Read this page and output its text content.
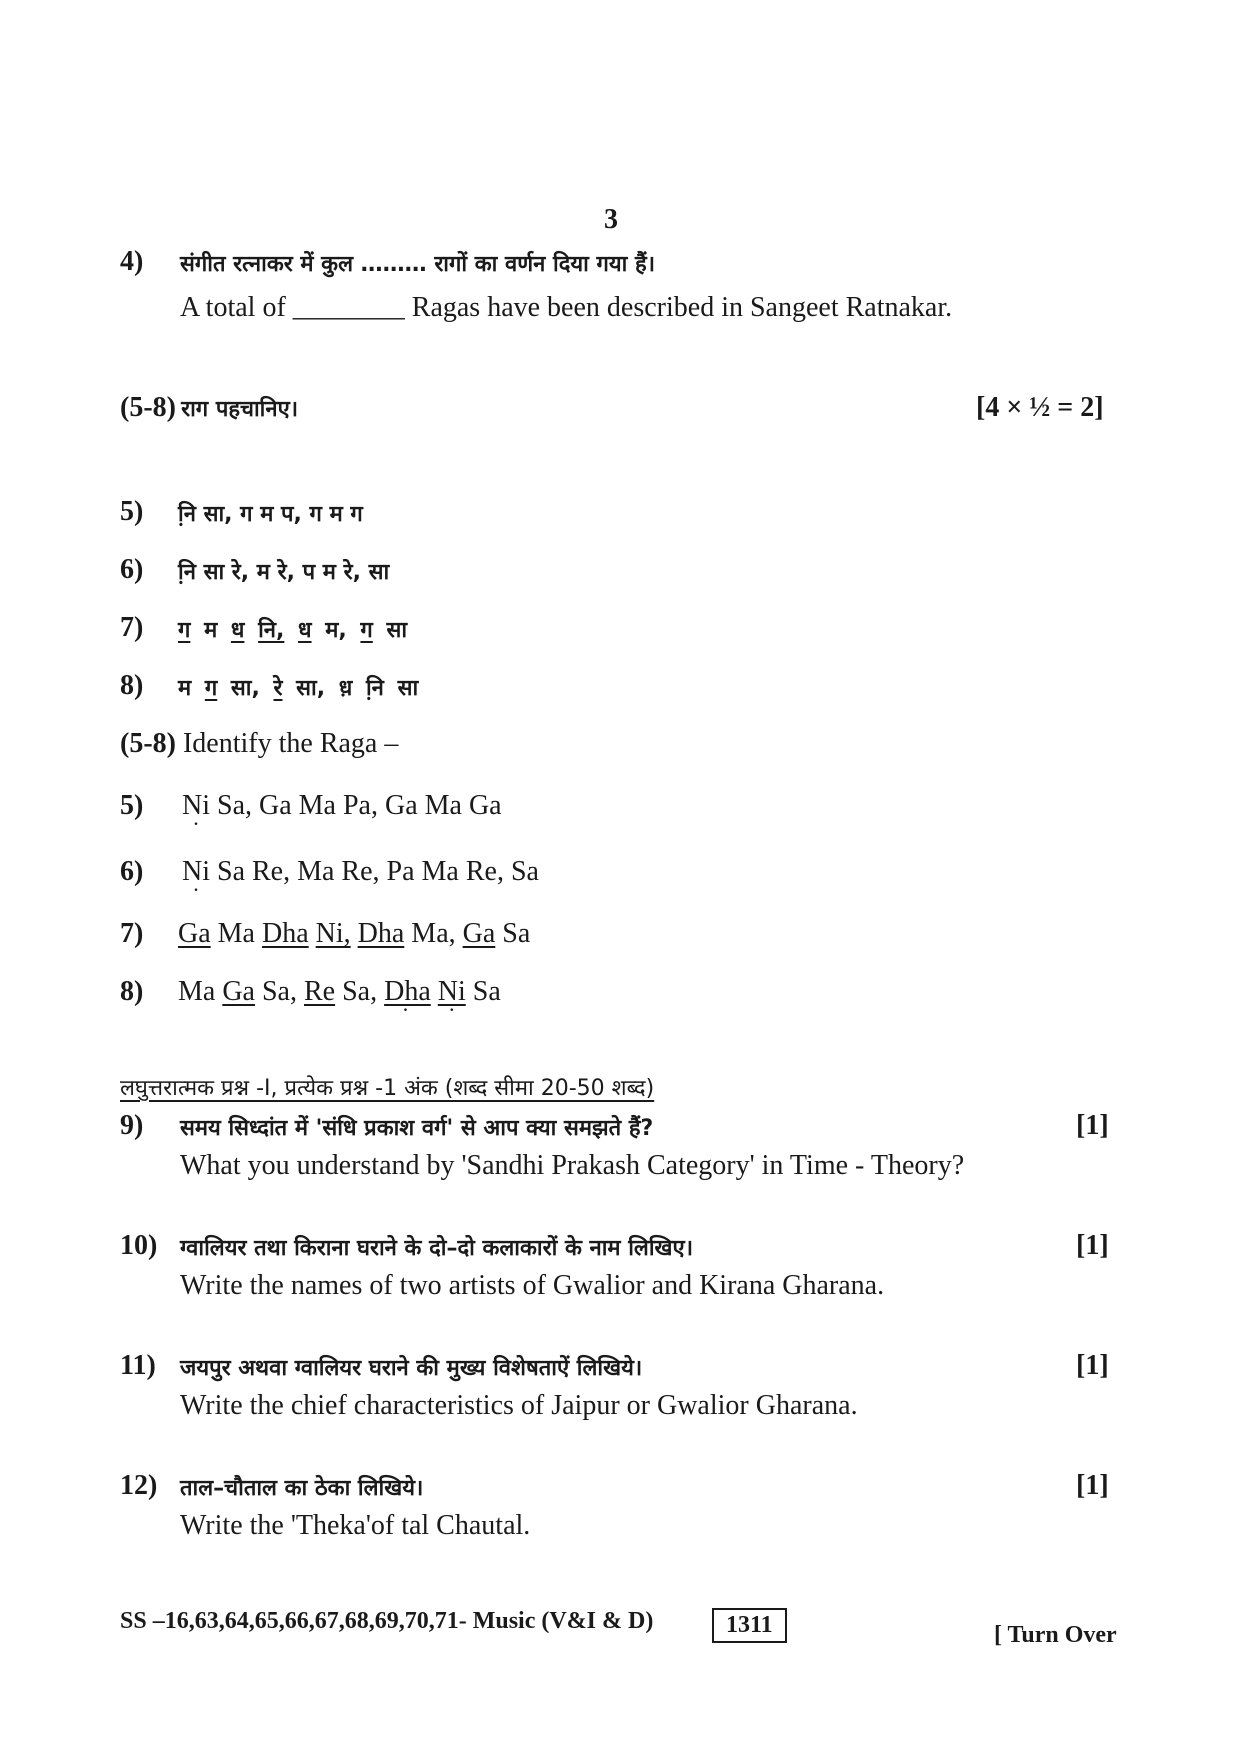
3
4) संगीत रत्नाकर में कुल ……… रागों का वर्णन दिया गया हैं।
A total of ________ Ragas have been described in Sangeet Ratnakar.
(5-8) राग पहचानिए।	[4 × ½ = 2]
5) नि़ सा, ग म प, ग म ग
6) नि़ सा रे, म रे, प म रे, सा
7) ग म ध नि, ध म, ग सा
8) म ग सा, रे सा, ध़ नि़ सा
(5-8) Identify the Raga –
5) Ni . Sa, Ga Ma Pa, Ga Ma Ga
6) Ni . Sa Re, Ma Re, Pa Ma Re, Sa
7) Ga Ma Dha Ni, Dha Ma, Ga Sa
8) Ma Ga Sa, Re Sa, Dha . Ni . Sa
लघुत्तरात्मक प्रश्न -I, प्रत्येक प्रश्न -1 अंक (शब्द सीमा 20-50 शब्द)
9) समय सिध्दांत में 'संधि प्रकाश वर्ग' से आप क्या समझते हैं?	[1]
What you understand by 'Sandhi Prakash Category' in Time - Theory?
10) ग्वालियर तथा किराना घराने के दो–दो कलाकारों के नाम लिखिए।	[1]
Write the names of two artists of Gwalior and Kirana Gharana.
11) जयपुर अथवा ग्वालियर घराने की मुख्य विशेषताऐं लिखिये।	[1]
Write the chief characteristics of Jaipur or Gwalior Gharana.
12) ताल–चौताल का ठेका लिखिये।	[1]
Write the 'Theka'of tal Chautal.
SS –16,63,64,65,66,67,68,69,70,71- Music (V&I & D)	1311	[ Turn Over
